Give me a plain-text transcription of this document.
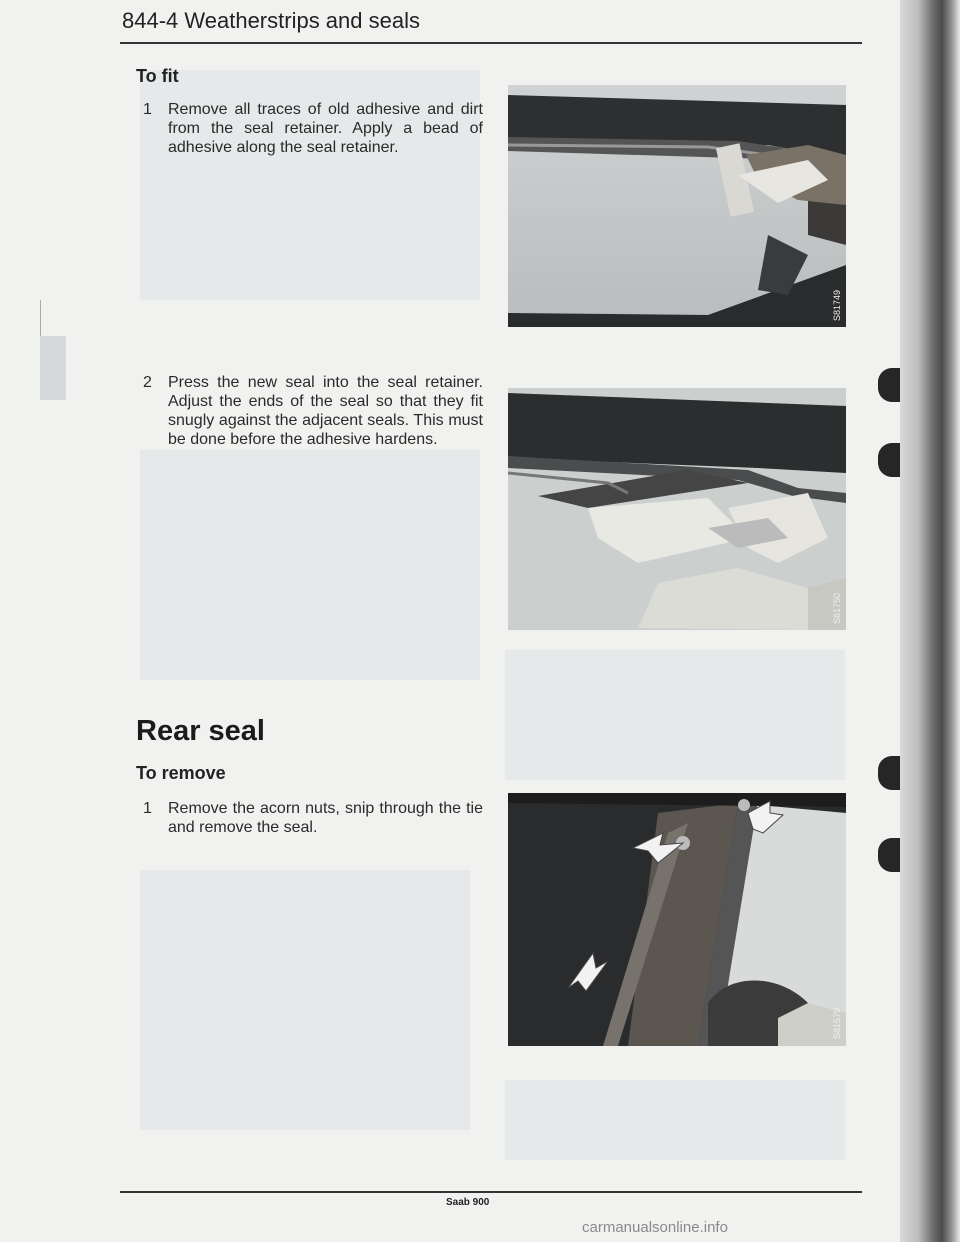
844-4 Weatherstrips and seals
To fit
1 Remove all traces of old adhesive and dirt from the seal retainer. Apply a bead of adhesive along the seal retainer.
2 Press the new seal into the seal retainer. Adjust the ends of the seal so that they fit snugly against the adjacent seals. This must be done before the adhesive hardens.
Rear seal
To remove
1 Remove the acorn nuts, snip through the tie and remove the seal.
S81749
S81750
S81579
Saab 900
carmanualsonline.info
